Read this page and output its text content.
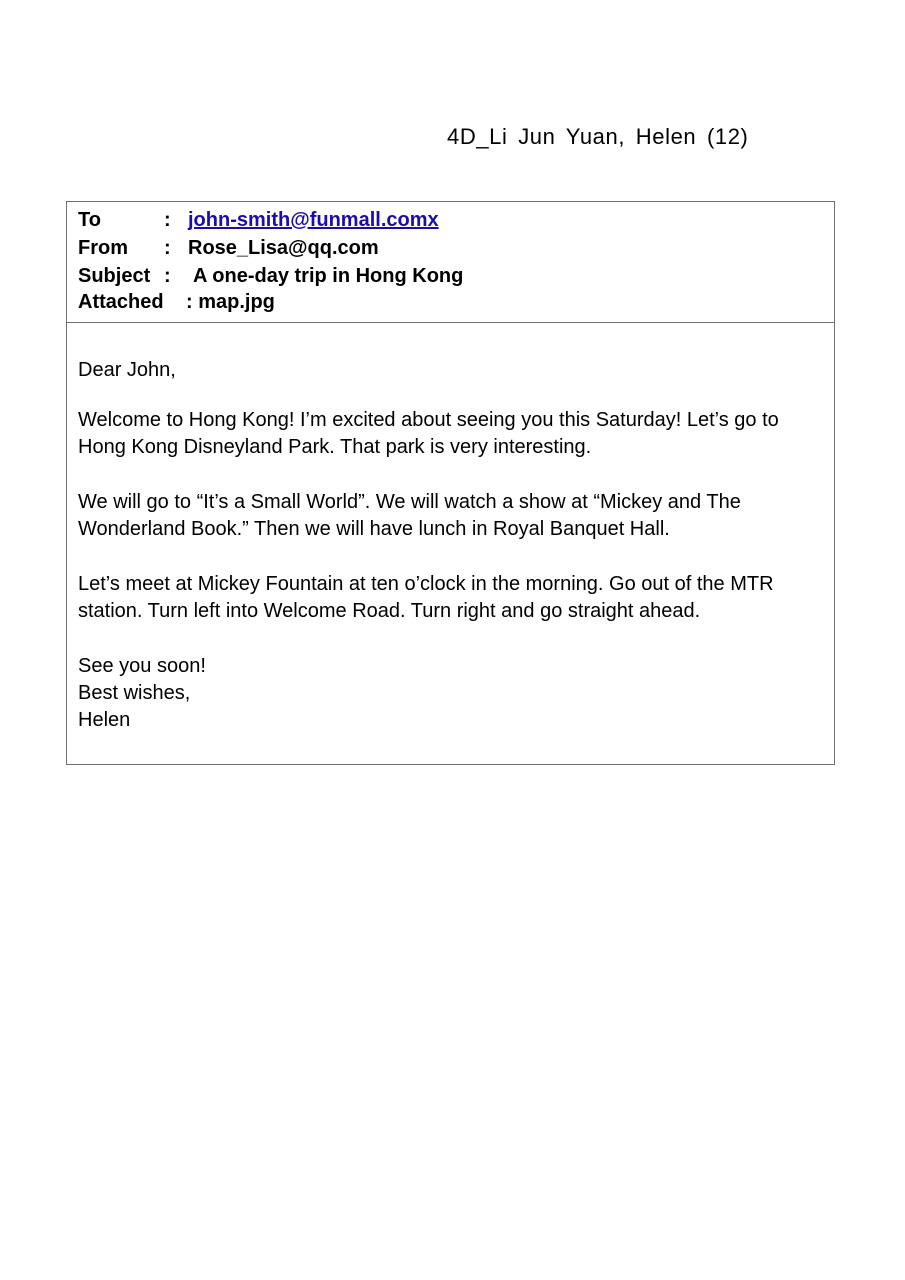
4D_Li Jun Yuan, Helen (12)
To	: john-smith@funmall.comx
From : Rose_Lisa@qq.com
Subject : A one-day trip in Hong Kong
Attached : map.jpg
Dear John,
Welcome to Hong Kong! I’m excited about seeing you this Saturday! Let’s go to
Hong Kong Disneyland Park. That park is very interesting.
We will go to “It’s a Small World”. We will watch a show at “Mickey and The
Wonderland Book.” Then we will have lunch in Royal Banquet Hall.
Let’s meet at Mickey Fountain at ten o’clock in the morning. Go out of the MTR
station. Turn left into Welcome Road. Turn right and go straight ahead.
See you soon!
Best wishes,
Helen
